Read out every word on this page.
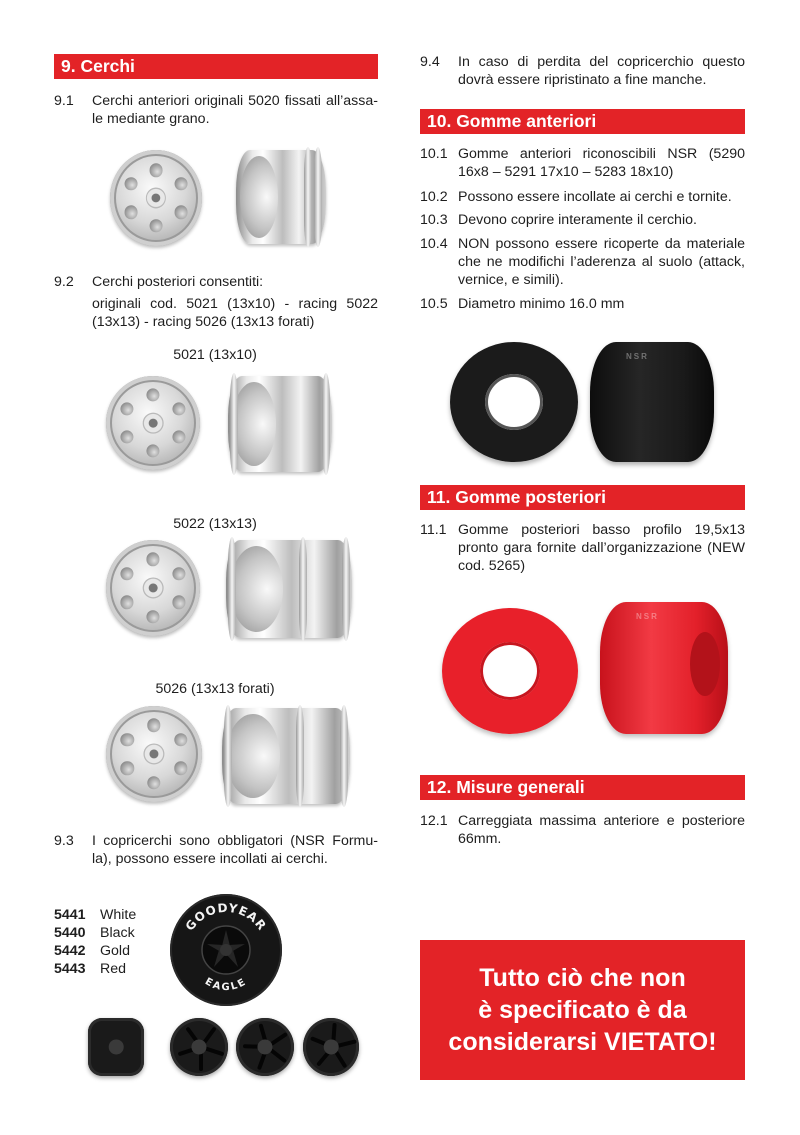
9. Cerchi
9.1	Cerchi anteriori originali 5020 fissati all’assa-le mediante grano.
9.2	Cerchi posteriori consentiti:

originali cod. 5021 (13x10) - racing 5022 (13x13) - racing 5026 (13x13 forati)

5021 (13x10)
5022 (13x13)
5026 (13x13 forati)
9.3	I copricerchi sono obbligatori (NSR Formu-la), possono essere incollati ai cerchi.
5441	White
5440	Black
5442	Gold
5443	Red
GOODYEAR
EAGLE
9.4	In caso di perdita del copricerchio questo dovrà essere ripristinato a fine manche.
10. Gomme anteriori
10.1 Gomme anteriori riconoscibili NSR (5290 16x8 – 5291 17x10 – 5283 18x10)
10.2 Possono essere incollate ai cerchi e tornite.
10.3 Devono coprire interamente il cerchio.
10.4 NON possono essere ricoperte da materiale che ne modifichi l’aderenza al suolo (attack, vernice, e simili).
10.5 Diametro minimo 16.0 mm
NSR
11. Gomme posteriori
11.1 Gomme posteriori basso profilo 19,5x13 pronto gara fornite dall’organizzazione (NEW cod. 5265)
NSR
12. Misure generali
12.1 Carreggiata massima anteriore e posteriore 66mm.
Tutto ciò che non
è specificato è da
considerarsi VIETATO!
